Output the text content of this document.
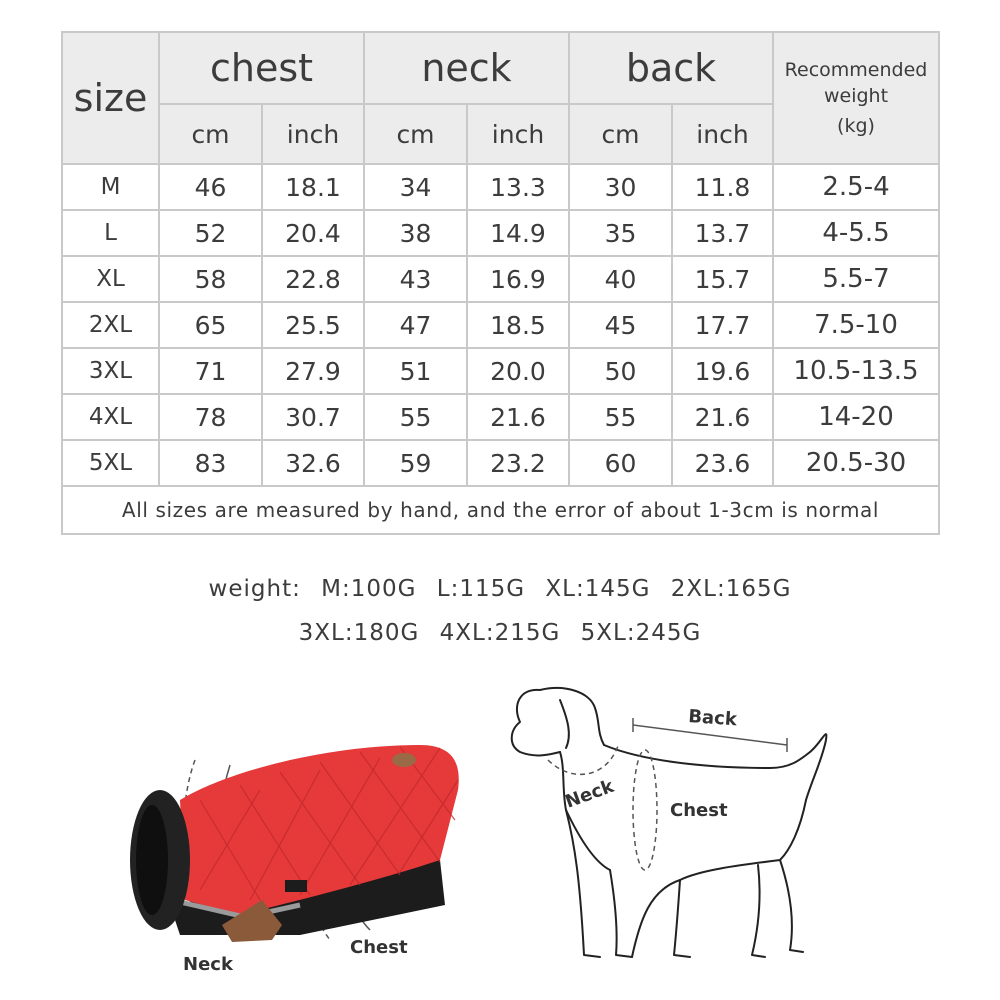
size	chest		neck		back		Recommended weight
(kg)

	cm	inch	cm	inch	cm	inch	
M	46	18.1	34	13.3	30	11.8	2.5-4
L	52	20.4	38	14.9	35	13.7	4-5.5
XL	58	22.8	43	16.9	40	15.7	5.5-7
2XL	65	25.5	47	18.5	45	17.7	7.5-10
3XL	71	27.9	51	20.0	50	19.6	10.5-13.5
4XL	78	30.7	55	21.6	55	21.6	14-20
5XL	83	32.6	59	23.2	60	23.6	20.5-30
All sizes are measured by hand, and the error of about 1-3cm is normal							
weight: M:100G L:115G XL:145G 2XL:165G
3XL:180G 4XL:215G 5XL:245G
Neck
Chest
Back
Neck	Chest
